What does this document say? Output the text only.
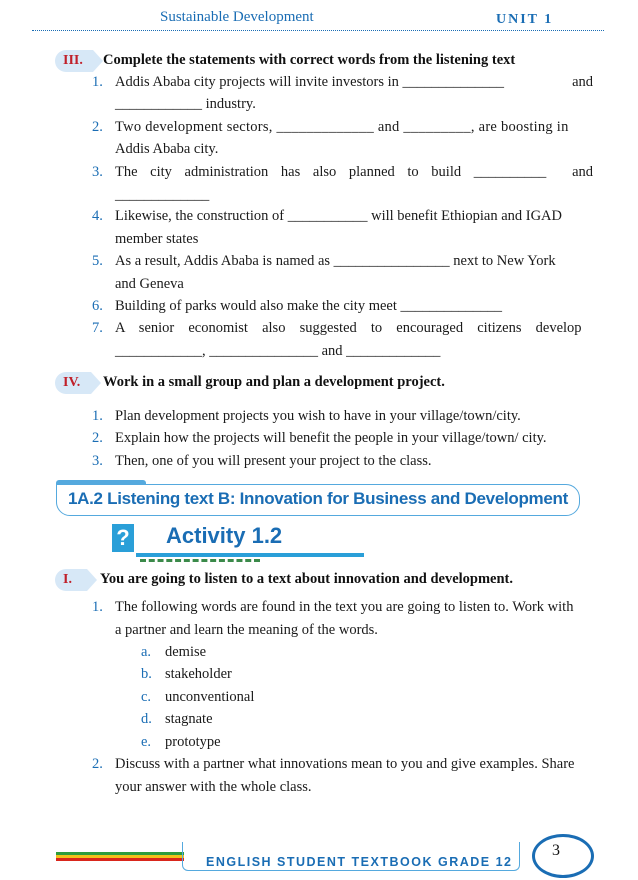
Sustainable Development	UNIT 1
III.	Complete the statements with correct words from the listening text
1. Addis Ababa city projects will invite investors in ______________	and
____________ industry.
2. Two development sectors, _____________ and _________, are boosting in
Addis Ababa city.
3. The city administration has also planned to build __________ and
_____________
4. Likewise, the construction of ___________ will benefit Ethiopian and IGAD
member states
5. As a result, Addis Ababa is named as ________________ next to New York
and Geneva
6. Building of parks would also make the city meet ______________
7. A senior economist also suggested to encouraged citizens develop
____________, _______________ and _____________
IV.	Work in a small group and plan a development project.
1. Plan development projects you wish to have in your village/town/city.
2. Explain how the projects will benefit the people in your village/town/ city.
3. Then, one of you will present your project to the class.
1A.2 Listening text B: Innovation for Business and Development
? Activity 1.2
I.	You are going to listen to a text about innovation and development.
1. The following words are found in the text you are going to listen to. Work with
a partner and learn the meaning of the words.
a. demise
b. stakeholder
c. unconventional
d. stagnate
e. prototype
2. Discuss with a partner what innovations mean to you and give examples. Share
your answer with the whole class.
ENGLISH STUDENT TEXTBOOK GRADE 12
3
